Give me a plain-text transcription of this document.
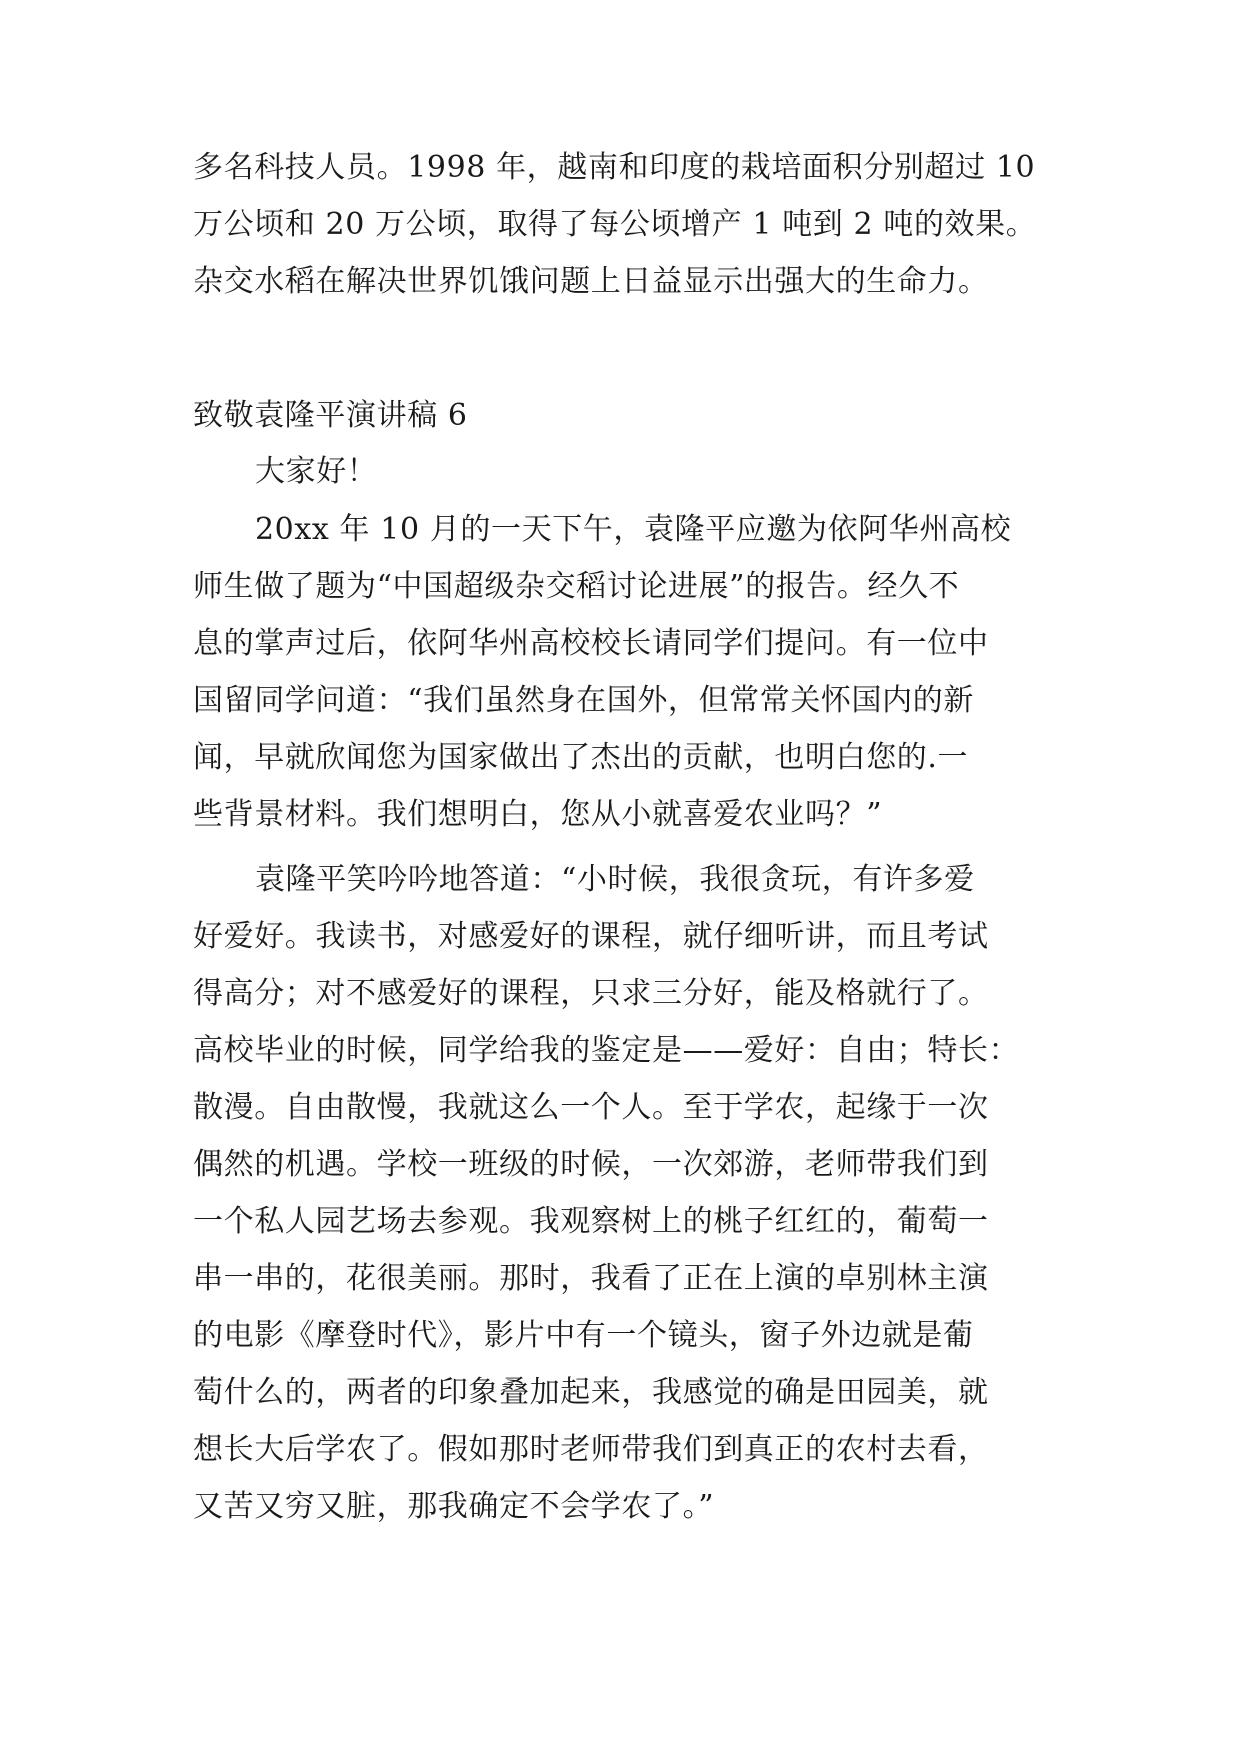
多名科技人员。1998 年，越南和印度的栽培面积分别超过 10
万公顷和 20 万公顷，取得了每公顷增产 1 吨到 2 吨的效果。
杂交水稻在解决世界饥饿问题上日益显示出强大的生命力。
致敬袁隆平演讲稿 6
大家好！
20xx 年 10 月的一天下午，袁隆平应邀为依阿华州高校
师生做了题为“中国超级杂交稻讨论进展”的报告。经久不
息的掌声过后，依阿华州高校校长请同学们提问。有一位中
国留同学问道：“我们虽然身在国外，但常常关怀国内的新
闻，早就欣闻您为国家做出了杰出的贡献，也明白您的.一
些背景材料。我们想明白，您从小就喜爱农业吗？”
袁隆平笑吟吟地答道：“小时候，我很贪玩，有许多爱
好爱好。我读书，对感爱好的课程，就仔细听讲，而且考试
得高分；对不感爱好的课程，只求三分好，能及格就行了。
高校毕业的时候，同学给我的鉴定是——爱好：自由；特长：
散漫。自由散慢，我就这么一个人。至于学农，起缘于一次
偶然的机遇。学校一班级的时候，一次郊游，老师带我们到
一个私人园艺场去参观。我观察树上的桃子红红的，葡萄一
串一串的，花很美丽。那时，我看了正在上演的卓别林主演
的电影《摩登时代》，影片中有一个镜头，窗子外边就是葡
萄什么的，两者的印象叠加起来，我感觉的确是田园美，就
想长大后学农了。假如那时老师带我们到真正的农村去看，
又苦又穷又脏，那我确定不会学农了。”
